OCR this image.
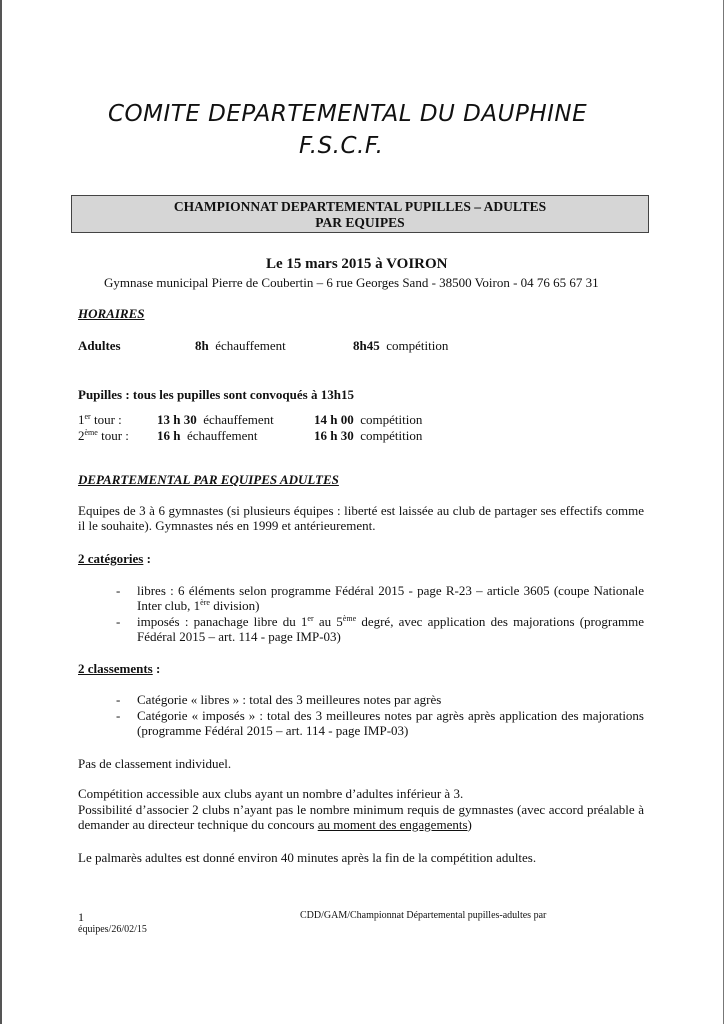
COMITE DEPARTEMENTAL DU DAUPHINE
F.S.C.F.
CHAMPIONNAT DEPARTEMENTAL PUPILLES – ADULTES
PAR EQUIPES
Le 15 mars 2015 à VOIRON
Gymnase municipal Pierre de Coubertin – 6 rue Georges Sand - 38500 Voiron - 04 76 65 67 31
HORAIRES
Adultes	8h échauffement	8h45 compétition
Pupilles : tous les pupilles sont convoqués à 13h15
1er tour :	13 h 30 échauffement	14 h 00 compétition
2ème tour : 16 h échauffement	16 h 30 compétition
DEPARTEMENTAL PAR EQUIPES ADULTES
Equipes de 3 à 6 gymnastes (si plusieurs équipes : liberté est laissée au club de partager ses effectifs comme il le souhaite). Gymnastes nés en 1999 et antérieurement.
2 catégories :
- libres : 6 éléments selon programme Fédéral 2015 - page R-23 – article 3605 (coupe Nationale Inter club, 1ère division)
- imposés : panachage libre du 1er au 5ème degré, avec application des majorations (programme Fédéral 2015 – art. 114 - page IMP-03)
2 classements :
- Catégorie « libres » : total des 3 meilleures notes par agrès
- Catégorie « imposés » : total des 3 meilleures notes par agrès après application des majorations (programme Fédéral 2015 – art. 114 - page IMP-03)
Pas de classement individuel.
Compétition accessible aux clubs ayant un nombre d’adultes inférieur à 3.
Possibilité d’associer 2 clubs n’ayant pas le nombre minimum requis de gymnastes (avec accord préalable à demander au directeur technique du concours au moment des engagements)
Le palmarès adultes est donné environ 40 minutes après la fin de la compétition adultes.
1	CDD/GAM/Championnat Départemental pupilles-adultes par
équipes/26/02/15
